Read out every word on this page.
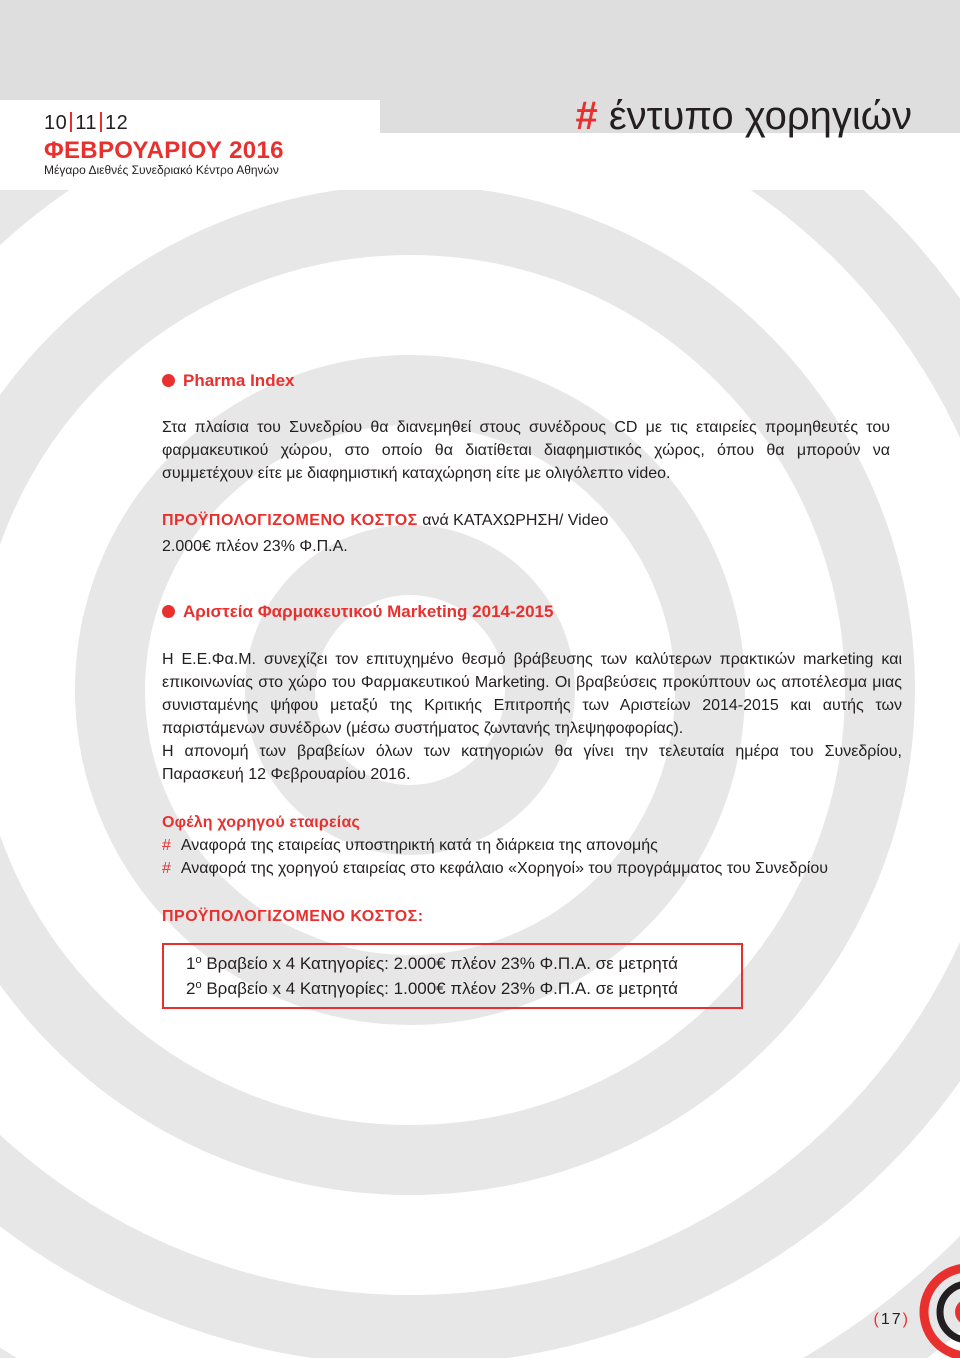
10 11 12
ΦΕΒΡΟΥΑΡΙΟΥ 2016
Μέγαρο Διεθνές Συνεδριακό Κέντρο Αθηνών
# έντυπο χορηγιών
Pharma Index
Στα πλαίσια του Συνεδρίου θα διανεμηθεί στους συνέδρους CD με τις εταιρείες προμηθευτές του φαρμακευτικού χώρου, στο οποίο θα διατίθεται διαφημιστικός χώρος, όπου θα μπορούν να συμμετέχουν είτε με διαφημιστική καταχώρηση είτε με ολιγόλεπτο video.
ΠΡΟΫΠΟΛΟΓΙΖΟΜΕΝΟ ΚΟΣΤΟΣ ανά ΚΑΤΑΧΩΡΗΣΗ/ Video
2.000€ πλέον 23% Φ.Π.Α.
Αριστεία Φαρμακευτικού Marketing 2014-2015
Η Ε.Ε.Φα.Μ. συνεχίζει τον επιτυχημένο θεσμό βράβευσης των καλύτερων πρακτικών marketing και επικοινωνίας στο χώρο του Φαρμακευτικού Marketing. Οι βραβεύσεις προκύπτουν ως αποτέλεσμα μιας συνισταμένης ψήφου μεταξύ της Κριτικής Επιτροπής των Αριστείων 2014-2015 και αυτής των παριστάμενων συνέδρων (μέσω συστήματος ζωντανής τηλεψηφοφορίας).
Η απονομή των βραβείων όλων των κατηγοριών θα γίνει την τελευταία ημέρα του Συνεδρίου, Παρασκευή 12 Φεβρουαρίου 2016.
Οφέλη χορηγού εταιρείας
# Αναφορά της εταιρείας υποστηρικτή κατά τη διάρκεια της απονομής
# Αναφορά της χορηγού εταιρείας στο κεφάλαιο «Χορηγοί» του προγράμματος του Συνεδρίου
ΠΡΟΫΠΟΛΟΓΙΖΟΜΕΝΟ ΚΟΣΤΟΣ:
$1^o$ Βραβείο x 4 Κατηγορίες: 2.000€ πλέον 23% Φ.Π.Α. σε μετρητά
$2^o$ Βραβείο x 4 Κατηγορίες: 1.000€ πλέον 23% Φ.Π.Α. σε μετρητά
(17)
